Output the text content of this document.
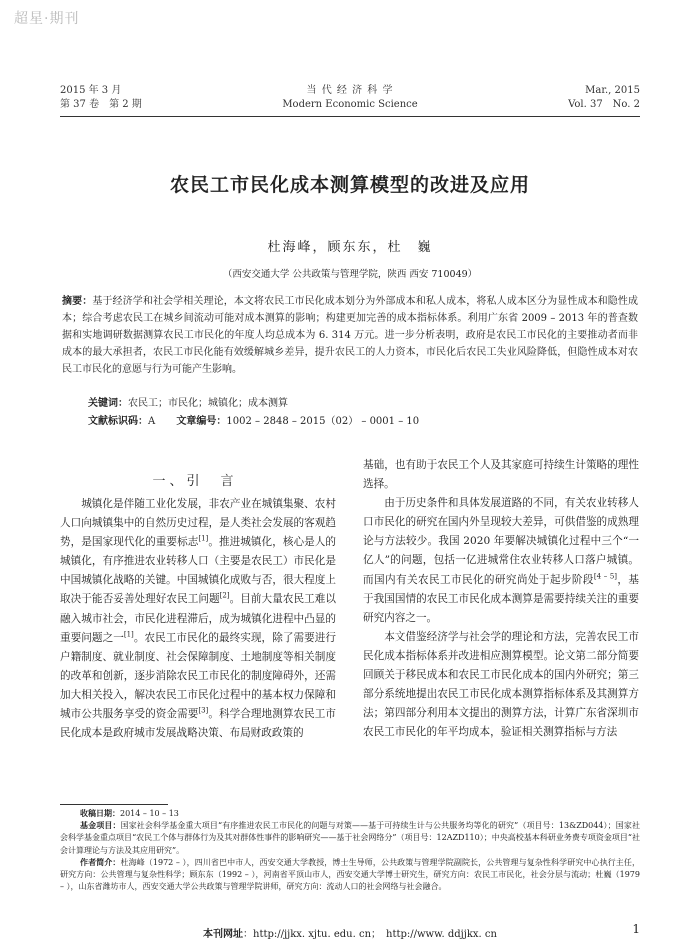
超星·期刊
2015 年 3 月
第 37 卷　第 2 期
当 代 经 济 科 学
Modern Economic Science
Mar., 2015
Vol. 37　No. 2
农民工市民化成本测算模型的改进及应用
杜海峰，顾东东，杜　巍
（西安交通大学 公共政策与管理学院，陕西 西安 710049）
摘要：基于经济学和社会学相关理论，本文将农民工市民化成本划分为外部成本和私人成本，将私人成本区分为显性成本和隐性成本；综合考虑农民工在城乡间流动可能对成本测算的影响；构建更加完善的成本指标体系。利用广东省 2009 – 2013 年的普查数据和实地调研数据测算农民工市民化的年度人均总成本为 6. 314 万元。进一步分析表明，政府是农民工市民化的主要推动者而非成本的最大承担者，农民工市民化能有效缓解城乡差异，提升农民工的人力资本，市民化后农民工失业风险降低，但隐性成本对农民工市民化的意愿与行为可能产生影响。
关键词：农民工；市民化；城镇化；成本测算
文献标识码：A 文章编号：1002 – 2848 – 2015（02） – 0001 – 10
一、引　言

城镇化是伴随工业化发展，非农产业在城镇集聚、农村人口向城镇集中的自然历史过程，是人类社会发展的客观趋势，是国家现代化的重要标志[1]。推进城镇化，核心是人的城镇化，有序推进农业转移人口（主要是农民工）市民化是中国城镇化战略的关键。中国城镇化成败与否，很大程度上取决于能否妥善处理好农民工问题[2]。目前大量农民工难以融入城市社会，市民化进程滞后，成为城镇化进程中凸显的重要问题之一[1]。农民工市民化的最终实现，除了需要进行户籍制度、就业制度、社会保障制度、土地制度等相关制度的改革和创新，逐步消除农民工市民化的制度障碍外，还需加大相关投入，解决农民工市民化过程中的基本权力保障和城市公共服务享受的资金需要[3]。科学合理地测算农民工市民化成本是政府城市发展战略决策、布局财政政策的

基础，也有助于农民工个人及其家庭可持续生计策略的理性选择。

由于历史条件和具体发展道路的不同，有关农业转移人口市民化的研究在国内外呈现较大差异，可供借鉴的成熟理论与方法较少。我国 2020 年要解决城镇化过程中三个“一亿人”的问题，包括一亿进城常住农业转移人口落户城镇。而国内有关农民工市民化的研究尚处于起步阶段[4 – 5]，基于我国国情的农民工市民化成本测算是需要持续关注的重要研究内容之一。

本文借鉴经济学与社会学的理论和方法，完善农民工市民化成本指标体系并改进相应测算模型。论文第二部分简要回顾关于移民成本和农民工市民化成本的国内外研究；第三部分系统地提出农民工市民化成本测算指标体系及其测算方法；第四部分利用本文提出的测算方法，计算广东省深圳市农民工市民化的年平均成本，验证相关测算指标与方法

收稿日期：2014 – 10 – 13

基金项目：国家社会科学基金重大项目“有序推进农民工市民化的问题与对策——基于可持续生计与公共服务均等化的研究”（项目号：13&ZD044）；国家社会科学基金重点项目“农民工个体与群体行为及其对群体性事件的影响研究——基于社会网络分”（项目号：12AZD110）；中央高校基本科研业务费专项资金项目“社会计算理论与方法及其应用研究”。

作者简介：杜海峰（1972 – ），四川省巴中市人，西安交通大学教授，博士生导师，公共政策与管理学院副院长，公共管理与复杂性科学研究中心执行主任，研究方向：公共管理与复杂性科学；顾东东（1992 – ），河南省平顶山市人，西安交通大学博士研究生，研究方向：农民工市民化，社会分层与流动；杜巍（1979 – ），山东省潍坊市人，西安交通大学公共政策与管理学院讲师，研究方向：流动人口的社会网络与社会融合。

本刊网址：http://jjkx. xjtu. edu. cn；　http://www. ddjjkx. cn	1
